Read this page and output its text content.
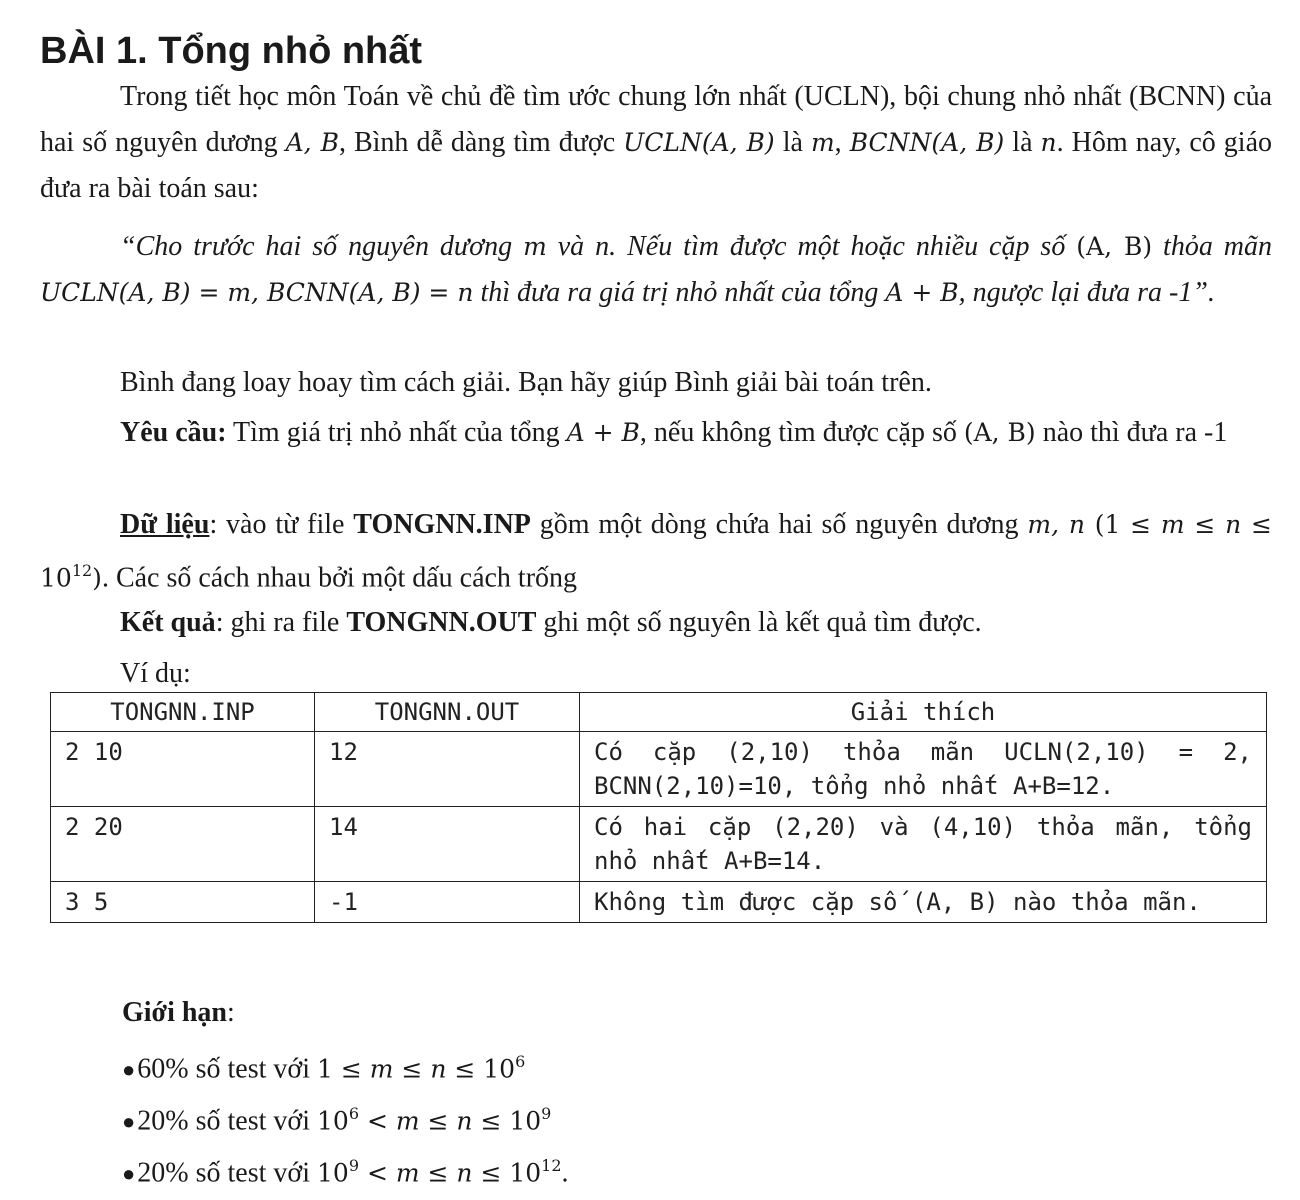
BÀI 1. Tổng nhỏ nhất

Trong tiết học môn Toán về chủ đề tìm ước chung lớn nhất (UCLN), bội chung nhỏ nhất (BCNN) của hai số nguyên dương A, B, Bình dễ dàng tìm được UCLN(A, B) là m, BCNN(A, B) là n. Hôm nay, cô giáo đưa ra bài toán sau:

“Cho trước hai số nguyên dương m và n. Nếu tìm được một hoặc nhiều cặp số (A, B) thỏa mãn UCLN(A, B) = m, BCNN(A, B) = n thì đưa ra giá trị nhỏ nhất của tổng A + B, ngược lại đưa ra -1”.

Bình đang loay hoay tìm cách giải. Bạn hãy giúp Bình giải bài toán trên.

Yêu cầu: Tìm giá trị nhỏ nhất của tổng A + B, nếu không tìm được cặp số (A, B) nào thì đưa ra -1

Dữ liệu: vào từ file TONGNN.INP gồm một dòng chứa hai số nguyên dương m, n $(1 \le m \le n \le 10^{12})$. Các số cách nhau bởi một dấu cách trống

Kết quả: ghi ra file TONGNN.OUT ghi một số nguyên là kết quả tìm được.

Ví dụ:

TONGNN.INP	TONGNN.OUT	Giải thích
2 10	12	Có cặp (2,10) thỏa mãn UCLN(2,10) = 2, BCNN(2,10)=10, tổng nhỏ nhất A+B=12.
2 20	14	Có hai cặp (2,20) và (4,10) thỏa mãn, tổng nhỏ nhất A+B=14.
3 5	-1	Không tìm được cặp số (A, B) nào thỏa mãn.

Giới hạn:

●60% số test với $1 \le m \le n \le 10^6$
●20% số test với $10^6 < m \le n \le 10^9$
●20% số test với $10^9 < m \le n \le 10^{12}$.
